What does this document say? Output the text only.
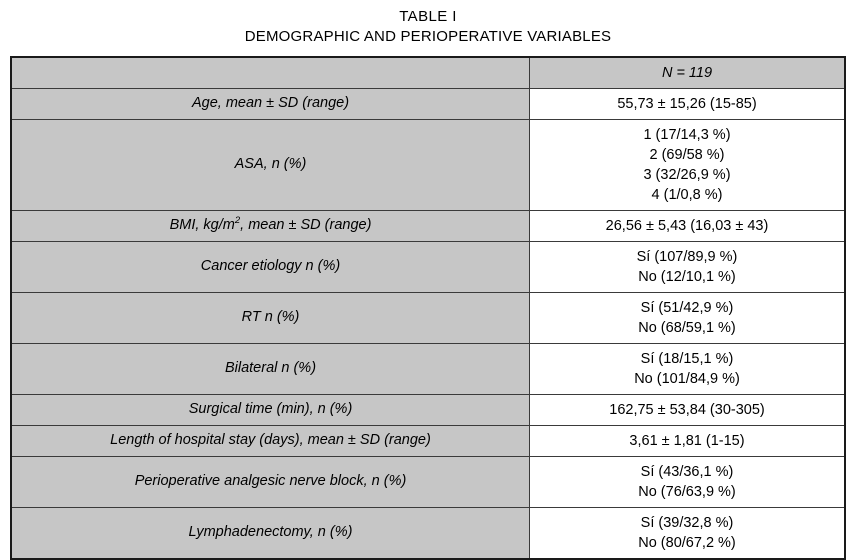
TABLE I
DEMOGRAPHIC AND PERIOPERATIVE VARIABLES
	N = 119
Age, mean ± SD (range)	55,73 ± 15,26 (15-85)

ASA, n (%)	1 (17/14,3 %)
2 (69/58 %)
3 (32/26,9 %)
4 (1/0,8 %)

BMI, $kg/m^2$, mean ± SD (range)	26,56 ± 5,43 (16,03 ± 43)

Cancer etiology n (%)	Sí (107/89,9 %)
No (12/10,1 %)

RT n (%)	Sí (51/42,9 %)
No (68/59,1 %)

Bilateral n (%)	Sí (18/15,1 %)
No (101/84,9 %)

Surgical time (min), n (%)	162,75 ± 53,84 (30-305)

Length of hospital stay (days), mean ± SD (range)	3,61 ± 1,81 (1-15)

Perioperative analgesic nerve block, n (%)	Sí (43/36,1 %)
No (76/63,9 %)

Lymphadenectomy, n (%)	Sí (39/32,8 %)
No (80/67,2 %)
